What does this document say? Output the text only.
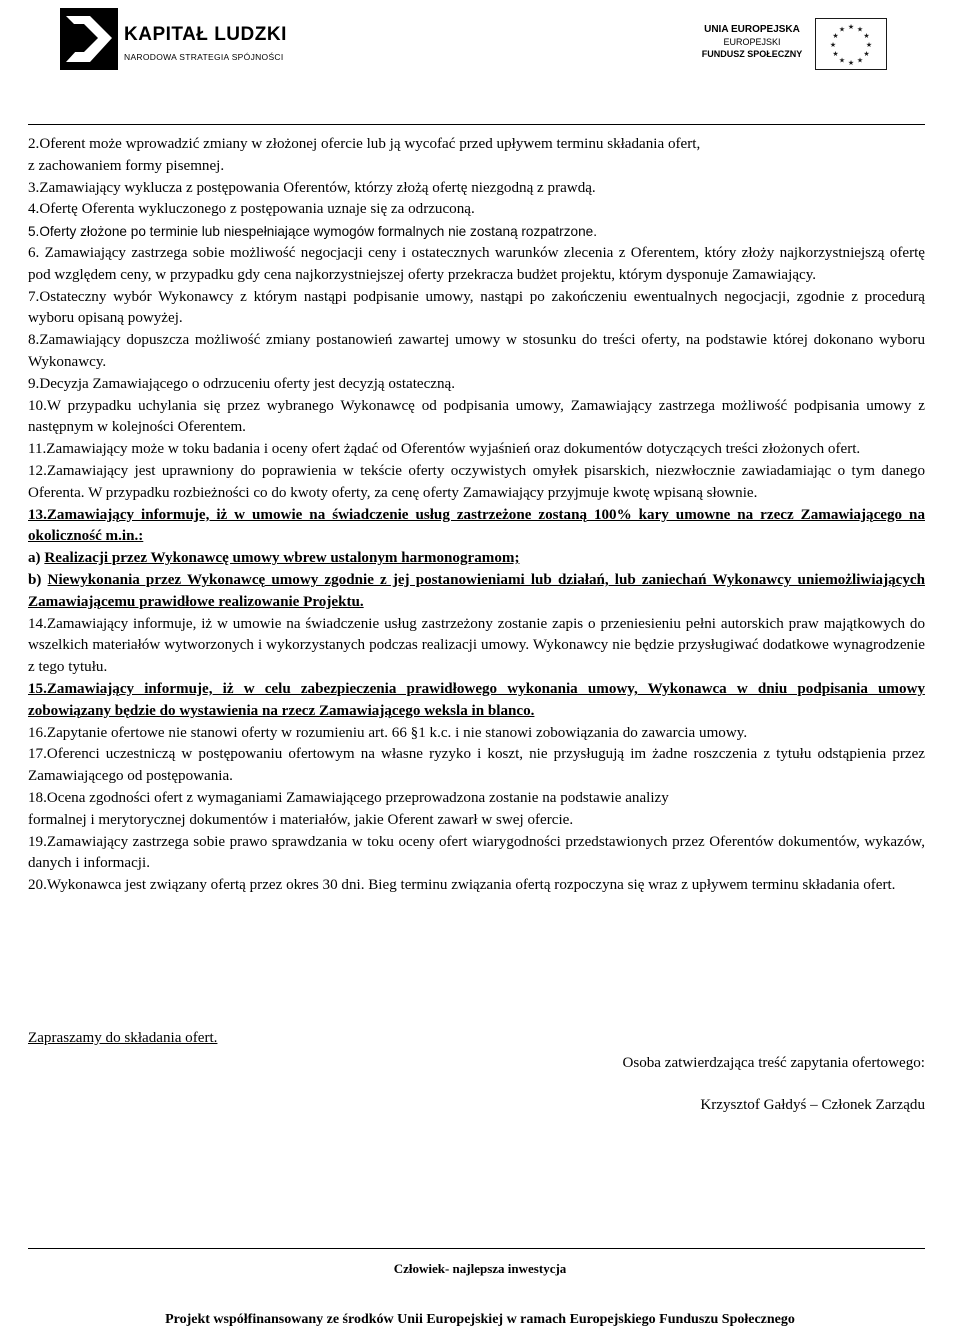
KAPITAŁ LUDZKI
NARODOWA STRATEGIA SPÓJNOŚCI
UNIA EUROPEJSKA
EUROPEJSKI
FUNDUSZ SPOŁECZNY
★ ★
★
★
★
★
★
★
★
★
★
★

2.Oferent może wprowadzić zmiany w złożonej ofercie lub ją wycofać przed upływem terminu składania ofert,

z zachowaniem formy pisemnej.

3.Zamawiający wyklucza z postępowania Oferentów, którzy złożą ofertę niezgodną z prawdą.

4.Ofertę Oferenta wykluczonego z postępowania uznaje się za odrzuconą.

5.Oferty złożone po terminie lub niespełniające wymogów formalnych nie zostaną rozpatrzone.

6. Zamawiający zastrzega sobie możliwość negocjacji ceny i ostatecznych warunków zlecenia z Oferentem, który złoży najkorzystniejszą ofertę pod względem ceny, w przypadku gdy cena najkorzystniejszej oferty przekracza budżet projektu, którym dysponuje Zamawiający.

7.Ostateczny wybór Wykonawcy z którym nastąpi podpisanie umowy, nastąpi po zakończeniu ewentualnych negocjacji, zgodnie z procedurą wyboru opisaną powyżej.

8.Zamawiający dopuszcza możliwość zmiany postanowień zawartej umowy w stosunku do treści oferty, na podstawie której dokonano wyboru Wykonawcy.

9.Decyzja Zamawiającego o odrzuceniu oferty jest decyzją ostateczną.

10.W przypadku uchylania się przez wybranego Wykonawcę od podpisania umowy, Zamawiający zastrzega możliwość podpisania umowy z następnym w kolejności Oferentem.

11.Zamawiający może w toku badania i oceny ofert żądać od Oferentów wyjaśnień oraz dokumentów dotyczących treści złożonych ofert.

12.Zamawiający jest uprawniony do poprawienia w tekście oferty oczywistych omyłek pisarskich, niezwłocznie zawiadamiając o tym danego Oferenta. W przypadku rozbieżności co do kwoty oferty, za cenę oferty Zamawiający przyjmuje kwotę wpisaną słownie.

13.Zamawiający informuje, iż w umowie na świadczenie usług zastrzeżone zostaną 100% kary umowne na rzecz Zamawiającego na okoliczność m.in.:

a) Realizacji przez Wykonawcę umowy wbrew ustalonym harmonogramom;

b) Niewykonania przez Wykonawcę umowy zgodnie z jej postanowieniami lub działań, lub zaniechań Wykonawcy uniemożliwiających Zamawiającemu prawidłowe realizowanie Projektu.

14.Zamawiający informuje, iż w umowie na świadczenie usług zastrzeżony zostanie zapis o przeniesieniu pełni autorskich praw majątkowych do wszelkich materiałów wytworzonych i wykorzystanych podczas realizacji umowy. Wykonawcy nie będzie przysługiwać dodatkowe wynagrodzenie z tego tytułu.

15.Zamawiający informuje, iż w celu zabezpieczenia prawidłowego wykonania umowy, Wykonawca w dniu podpisania umowy zobowiązany będzie do wystawienia na rzecz Zamawiającego weksla in blanco.

16.Zapytanie ofertowe nie stanowi oferty w rozumieniu art. 66 §1 k.c. i nie stanowi zobowiązania do zawarcia umowy.

17.Oferenci uczestniczą w postępowaniu ofertowym na własne ryzyko i koszt, nie przysługują im żadne roszczenia z tytułu odstąpienia przez Zamawiającego od postępowania.

18.Ocena zgodności ofert z wymaganiami Zamawiającego przeprowadzona zostanie na podstawie analizy

formalnej i merytorycznej dokumentów i materiałów, jakie Oferent zawarł w swej ofercie.

19.Zamawiający zastrzega sobie prawo sprawdzania w toku oceny ofert wiarygodności przedstawionych przez Oferentów dokumentów, wykazów, danych i informacji.

20.Wykonawca jest związany ofertą przez okres 30 dni. Bieg terminu związania ofertą rozpoczyna się wraz z upływem terminu składania ofert.

Zapraszamy do składania ofert.
Osoba zatwierdzająca treść zapytania ofertowego:
Krzysztof Gałdyś – Członek Zarządu
Człowiek- najlepsza inwestycja
Projekt współfinansowany ze środków Unii Europejskiej w ramach Europejskiego Funduszu Społecznego
